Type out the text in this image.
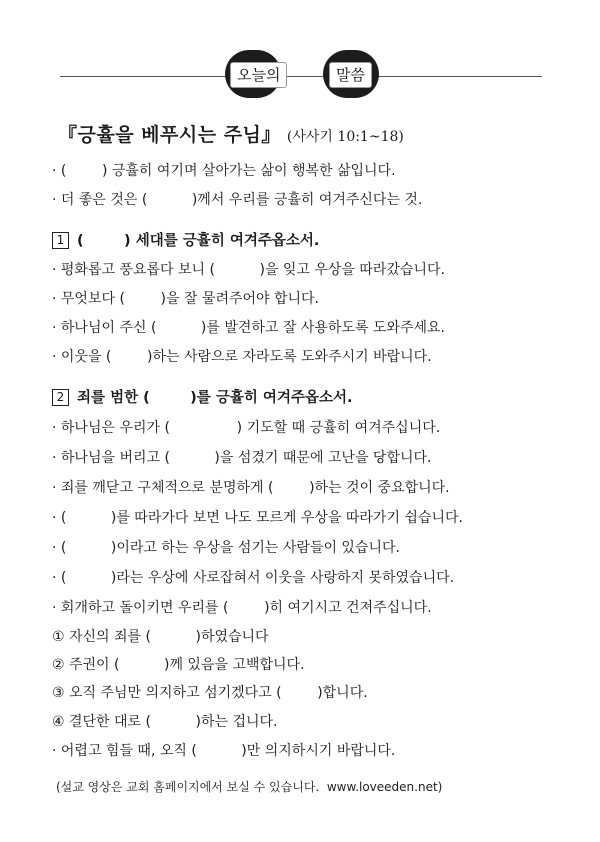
오늘의	말씀
『긍휼을 베푸시는 주님』 (사사기 10:1~18)
· (        ) 긍휼히 여기며 살아가는 삶이 행복한 삶입니다.
· 더 좋은 것은 (          )께서 우리를 긍휼히 여겨주신다는 것.
1 (        ) 세대를 긍휼히 여겨주옵소서.
· 평화롭고 풍요롭다 보니 (          )을 잊고 우상을 따라갔습니다.
· 무엇보다 (        )을 잘 물려주어야 합니다.
· 하나님이 주신 (          )를 발견하고 잘 사용하도록 도와주세요.
· 이웃을 (        )하는 사람으로 자라도록 도와주시기 바랍니다.
2 죄를 범한 (        )를 긍휼히 여겨주옵소서.
· 하나님은 우리가 (               ) 기도할 때 긍휼히 여겨주십니다.
· 하나님을 버리고 (          )을 섬겼기 때문에 고난을 당합니다.
· 죄를 깨닫고 구체적으로 분명하게 (        )하는 것이 중요합니다.
· (          )를 따라가다 보면 나도 모르게 우상을 따라가기 쉽습니다.
· (          )이라고 하는 우상을 섬기는 사람들이 있습니다.
· (          )라는 우상에 사로잡혀서 이웃을 사랑하지 못하였습니다.
· 회개하고 돌이키면 우리를 (        )히 여기시고 건져주십니다.
① 자신의 죄를 (          )하였습니다
② 주권이 (          )께 있음을 고백합니다.
③ 오직 주님만 의지하고 섬기겠다고 (        )합니다.
④ 결단한 대로 (          )하는 겁니다.
· 어렵고 힘들 때, 오직 (          )만 의지하시기 바랍니다.
(설교 영상은 교회 홈페이지에서 보실 수 있습니다.  www.loveeden.net)
